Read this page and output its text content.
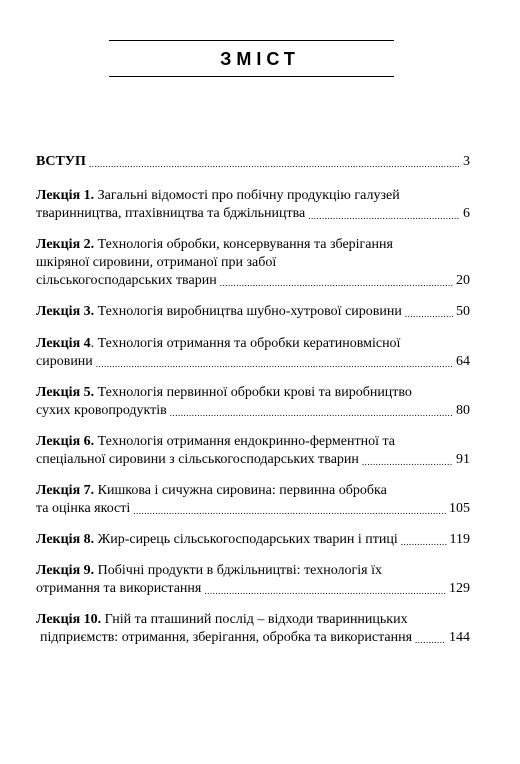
ЗМІСТ
ВСТУП .....	3
Лекція 1. Загальні відомості про побічну продукцію галузей
тваринництва, птахівництва та бджільництва .....	6
Лекція 2. Технологія обробки, консервування та зберігання
шкіряної сировини, отриманої при забої
сільськогосподарських тварин .....	20
Лекція 3. Технологія виробництва шубно-хутрової сировини .....	50
Лекція 4. Технологія отримання та обробки кератиновмісної
сировини .....	64
Лекція 5. Технологія первинної обробки крові та виробництво
сухих кровопродуктів .....	80
Лекція 6. Технологія отримання ендокринно-ферментної та
спеціальної сировини з сільськогосподарських тварин .....	91
Лекція 7. Кишкова і сичужна сировина: первинна обробка
та оцінка якості .....	105
Лекція 8. Жир-сирець сільськогосподарських тварин і птиці .....	119
Лекція 9. Побічні продукти в бджільництві: технологія їх
отримання та використання .....	129
Лекція 10. Гній та пташиний послід – відходи тваринницьких
підприємств: отримання, зберігання, обробка та використання .....	144
